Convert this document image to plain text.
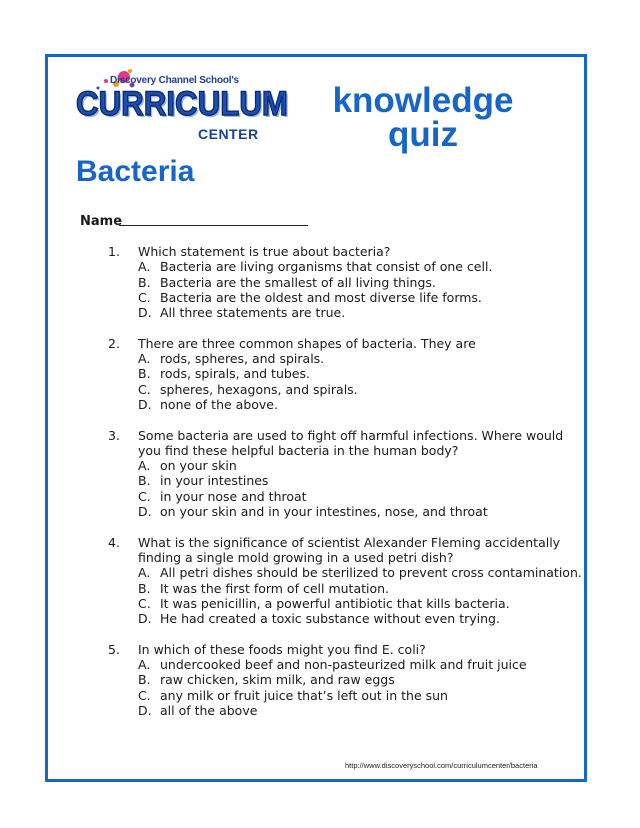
Discovery Channel School's
CURRICULUM
CENTER
knowledge
quiz
Bacteria
Name
1.	Which statement is true about bacteria?
A. Bacteria are living organisms that consist of one cell.
B. Bacteria are the smallest of all living things.
C. Bacteria are the oldest and most diverse life forms.
D. All three statements are true.
2.	There are three common shapes of bacteria. They are
A. rods, spheres, and spirals.
B. rods, spirals, and tubes.
C. spheres, hexagons, and spirals.
D. none of the above.
3.	Some bacteria are used to fight off harmful infections. Where would you find these helpful bacteria in the human body?
A. on your skin
B. in your intestines
C. in your nose and throat
D. on your skin and in your intestines, nose, and throat
4.	What is the significance of scientist Alexander Fleming accidentally finding a single mold growing in a used petri dish?
A. All petri dishes should be sterilized to prevent cross contamination.
B. It was the first form of cell mutation.
C. It was penicillin, a powerful antibiotic that kills bacteria.
D. He had created a toxic substance without even trying.
5.	In which of these foods might you find E. coli?
A. undercooked beef and non-pasteurized milk and fruit juice
B. raw chicken, skim milk, and raw eggs
C. any milk or fruit juice that’s left out in the sun
D. all of the above
http://www.discoveryschool.com/curriculumcenter/bacteria
